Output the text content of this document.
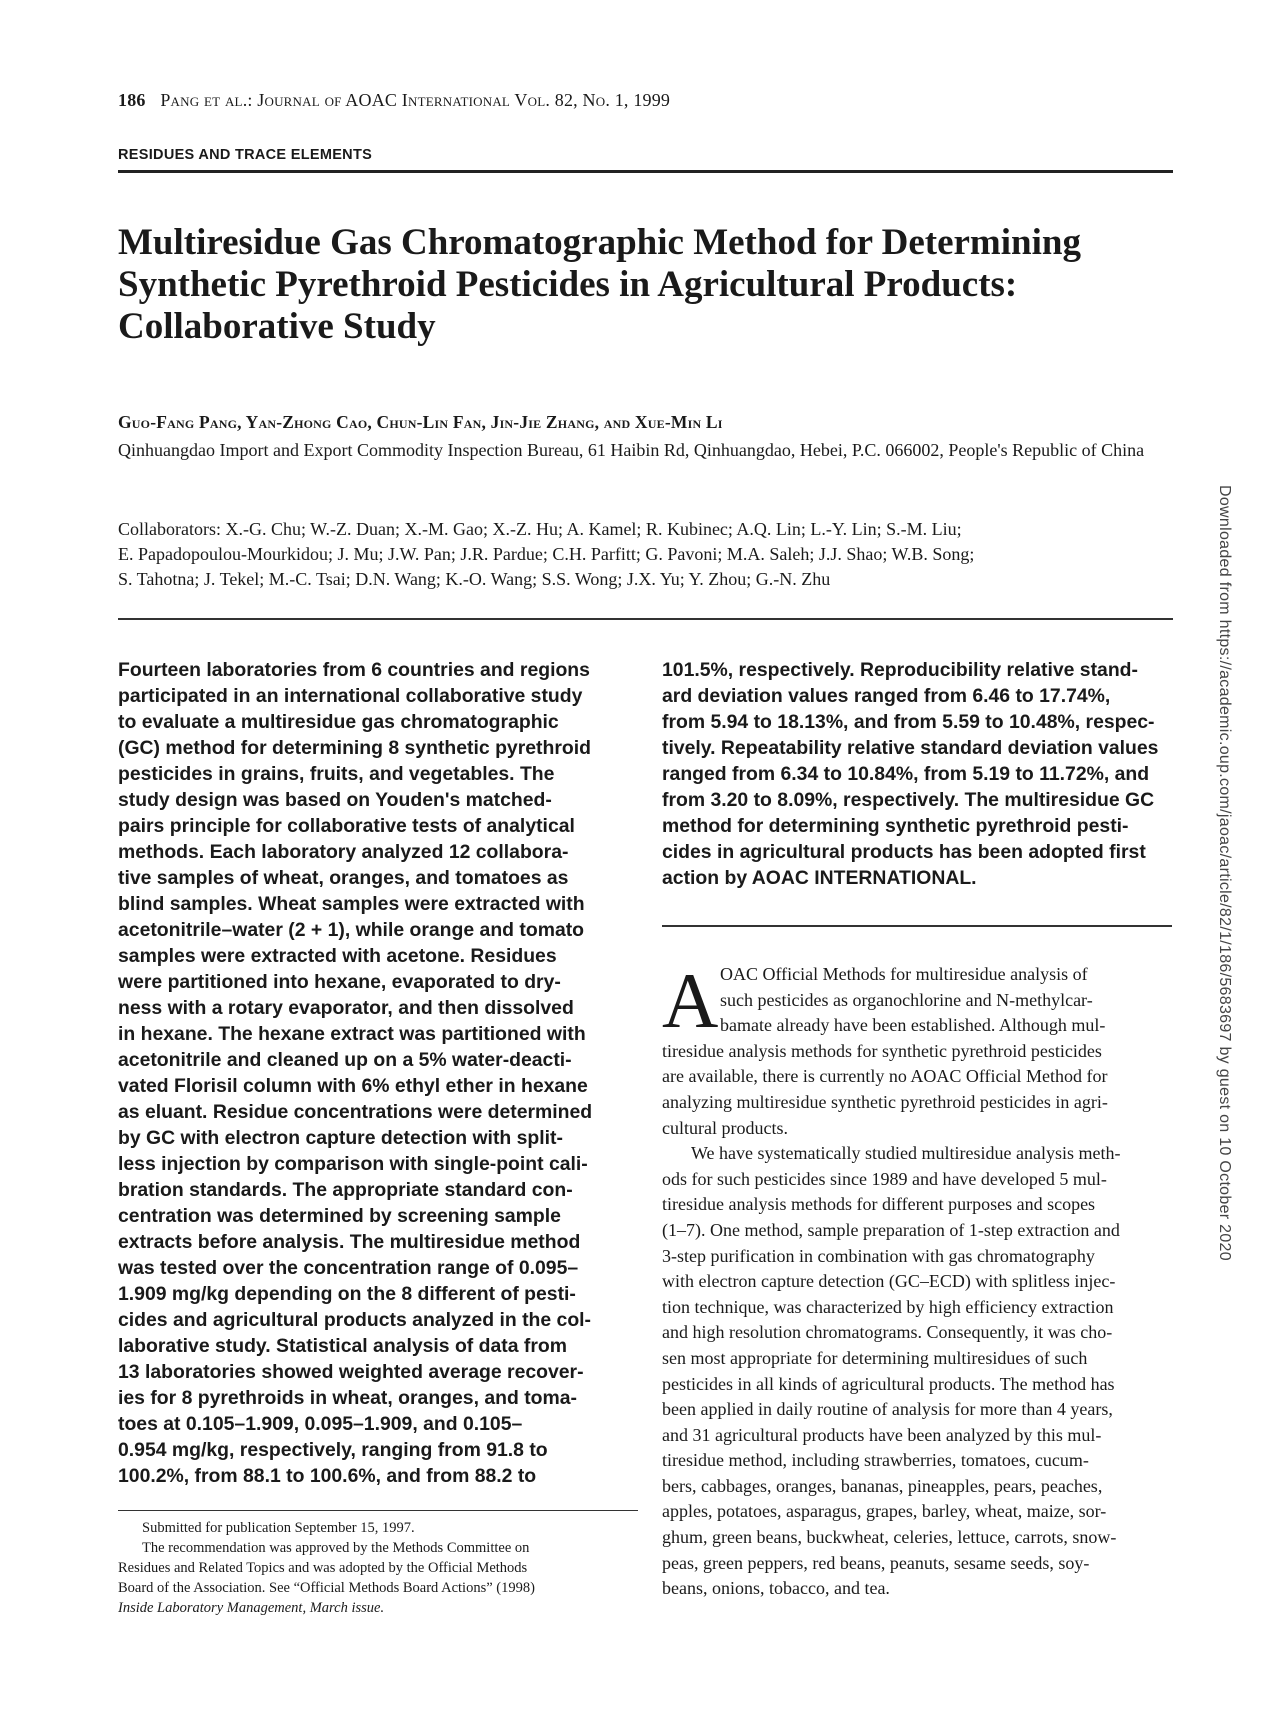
186 Pang et al.: Journal of AOAC International Vol. 82, No. 1, 1999
RESIDUES AND TRACE ELEMENTS
Multiresidue Gas Chromatographic Method for Determining
Synthetic Pyrethroid Pesticides in Agricultural Products:
Collaborative Study
Guo-Fang Pang, Yan-Zhong Cao, Chun-Lin Fan, Jin-Jie Zhang, and Xue-Min Li
Qinhuangdao Import and Export Commodity Inspection Bureau, 61 Haibin Rd, Qinhuangdao, Hebei, P.C. 066002, People's Republic of China
Collaborators: X.-G. Chu; W.-Z. Duan; X.-M. Gao; X.-Z. Hu; A. Kamel; R. Kubinec; A.Q. Lin; L.-Y. Lin; S.-M. Liu;
E. Papadopoulou-Mourkidou; J. Mu; J.W. Pan; J.R. Pardue; C.H. Parfitt; G. Pavoni; M.A. Saleh; J.J. Shao; W.B. Song;
S. Tahotna; J. Tekel; M.-C. Tsai; D.N. Wang; K.-O. Wang; S.S. Wong; J.X. Yu; Y. Zhou; G.-N. Zhu
Fourteen laboratories from 6 countries and regions
participated in an international collaborative study
to evaluate a multiresidue gas chromatographic
(GC) method for determining 8 synthetic pyrethroid
pesticides in grains, fruits, and vegetables. The
study design was based on Youden's matched-
pairs principle for collaborative tests of analytical
methods. Each laboratory analyzed 12 collabora-
tive samples of wheat, oranges, and tomatoes as
blind samples. Wheat samples were extracted with
acetonitrile–water (2 + 1), while orange and tomato
samples were extracted with acetone. Residues
were partitioned into hexane, evaporated to dry-
ness with a rotary evaporator, and then dissolved
in hexane. The hexane extract was partitioned with
acetonitrile and cleaned up on a 5% water-deacti-
vated Florisil column with 6% ethyl ether in hexane
as eluant. Residue concentrations were determined
by GC with electron capture detection with split-
less injection by comparison with single-point cali-
bration standards. The appropriate standard con-
centration was determined by screening sample
extracts before analysis. The multiresidue method
was tested over the concentration range of 0.095–
1.909 mg/kg depending on the 8 different of pesti-
cides and agricultural products analyzed in the col-
laborative study. Statistical analysis of data from
13 laboratories showed weighted average recover-
ies for 8 pyrethroids in wheat, oranges, and toma-
toes at 0.105–1.909, 0.095–1.909, and 0.105–
0.954 mg/kg, respectively, ranging from 91.8 to
100.2%, from 88.1 to 100.6%, and from 88.2 to
101.5%, respectively. Reproducibility relative stand-
ard deviation values ranged from 6.46 to 17.74%,
from 5.94 to 18.13%, and from 5.59 to 10.48%, respec-
tively. Repeatability relative standard deviation values
ranged from 6.34 to 10.84%, from 5.19 to 11.72%, and
from 3.20 to 8.09%, respectively. The multiresidue GC
method for determining synthetic pyrethroid pesti-
cides in agricultural products has been adopted first
action by AOAC INTERNATIONAL.
A OAC Official Methods for multiresidue analysis of
such pesticides as organochlorine and N-methylcar-
bamate already have been established. Although mul-
tiresidue analysis methods for synthetic pyrethroid pesticides
are available, there is currently no AOAC Official Method for
analyzing multiresidue synthetic pyrethroid pesticides in agri-
cultural products.
We have systematically studied multiresidue analysis meth-
ods for such pesticides since 1989 and have developed 5 mul-
tiresidue analysis methods for different purposes and scopes
(1–7). One method, sample preparation of 1-step extraction and
3-step purification in combination with gas chromatography
with electron capture detection (GC–ECD) with splitless injec-
tion technique, was characterized by high efficiency extraction
and high resolution chromatograms. Consequently, it was cho-
sen most appropriate for determining multiresidues of such
pesticides in all kinds of agricultural products. The method has
been applied in daily routine of analysis for more than 4 years,
and 31 agricultural products have been analyzed by this mul-
tiresidue method, including strawberries, tomatoes, cucum-
bers, cabbages, oranges, bananas, pineapples, pears, peaches,
apples, potatoes, asparagus, grapes, barley, wheat, maize, sor-
ghum, green beans, buckwheat, celeries, lettuce, carrots, snow-
peas, green peppers, red beans, peanuts, sesame seeds, soy-
beans, onions, tobacco, and tea.
Submitted for publication September 15, 1997.
The recommendation was approved by the Methods Committee on
Residues and Related Topics and was adopted by the Official Methods
Board of the Association. See “Official Methods Board Actions” (1998)
Inside Laboratory Management, March issue.
Downloaded from https://academic.oup.com/jaoac/article/82/1/186/5683697 by guest on 10 October 2020
